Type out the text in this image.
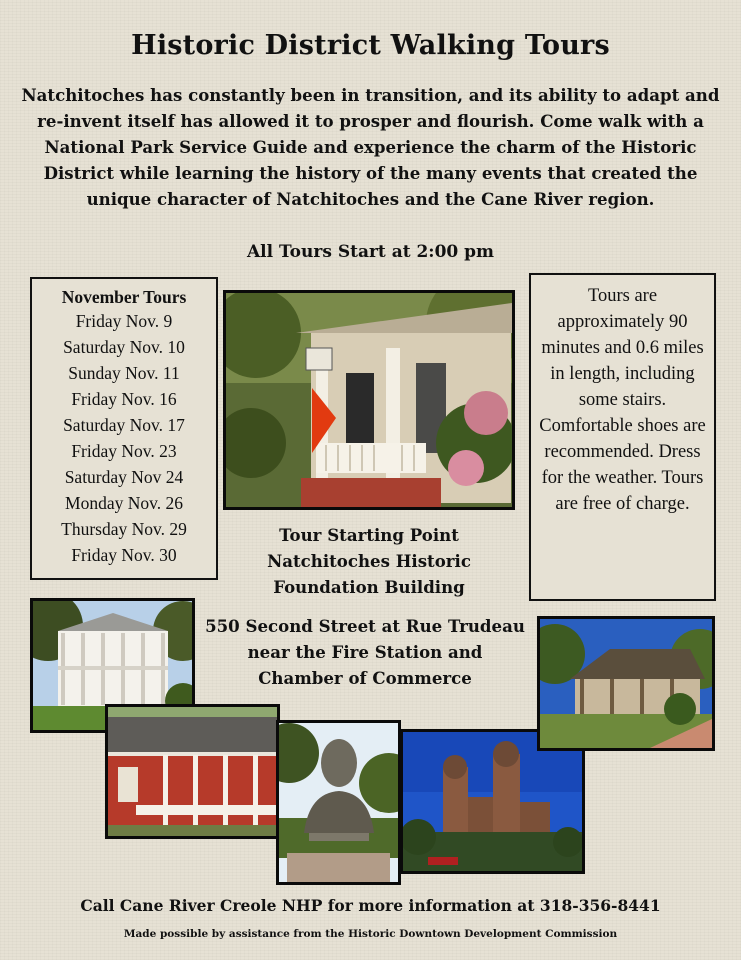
Historic District Walking Tours
Natchitoches has constantly been in transition, and its ability to adapt and re-invent itself has allowed it to prosper and flourish. Come walk with a National Park Service Guide and experience the charm of the Historic District while learning the history of the many events that created the unique character of Natchitoches and the Cane River region.
All Tours Start at 2:00 pm
November Tours
Friday Nov. 9
Saturday Nov. 10
Sunday Nov. 11
Friday Nov. 16
Saturday Nov. 17
Friday Nov. 23
Saturday Nov 24
Monday Nov. 26
Thursday Nov. 29
Friday Nov. 30
Tours are approximately 90 minutes and 0.6 miles in length, including some stairs. Comfortable shoes are recommended. Dress for the weather. Tours are free of charge.
Tour Starting Point
Natchitoches Historic
Foundation Building
550 Second Street at Rue Trudeau
near the Fire Station and
Chamber of Commerce
Call Cane River Creole NHP for more information at 318-356-8441
Made possible by assistance from the Historic Downtown Development Commission
